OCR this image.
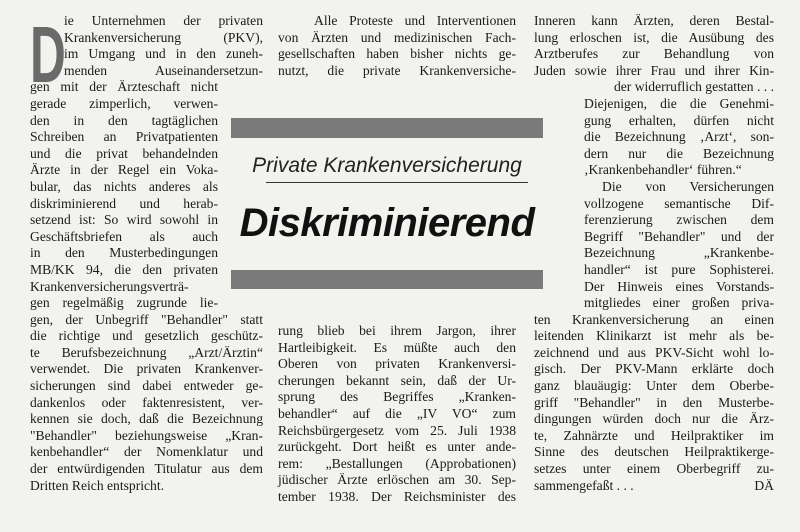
D
ie Unternehmen der privaten
Krankenversicherung (PKV),
im Umgang und in den zuneh-
menden Auseinandersetzun-
gen mit der Ärzteschaft nicht
gerade zimperlich, verwen-
den in den tagtäglichen
Schreiben an Privatpatienten
und die privat behandelnden
Ärzte in der Regel ein Voka-
bular, das nichts anderes als
diskriminierend und herab-
setzend ist: So wird sowohl in
Geschäftsbriefen als auch
in den Musterbedingungen
MB/KK 94, die den privaten
Krankenversicherungsverträ-
gen regelmäßig zugrunde lie-
gen, der Unbegriff "Behandler" statt
die richtige und gesetzlich geschütz-
te Berufsbezeichnung „Arzt/Ärztin“
verwendet. Die privaten Krankenver-
sicherungen sind dabei entweder ge-
dankenlos oder faktenresistent, ver-
kennen sie doch, daß die Bezeichnung
"Behandler" beziehungsweise „Kran-
kenbehandler“ der Nomenklatur und
der entwürdigenden Titulatur aus dem
Dritten Reich entspricht.
Alle Proteste und Interventionen
von Ärzten und medizinischen Fach-
gesellschaften haben bisher nichts ge-
nutzt, die private Krankenversiche-
Private Krankenversicherung
Diskriminierend
rung blieb bei ihrem Jargon, ihrer
Hartleibigkeit. Es müßte auch den
Oberen von privaten Krankenversi-
cherungen bekannt sein, daß der Ur-
sprung des Begriffes „Kranken-
behandler“ auf die „IV VO“ zum
Reichsbürgergesetz vom 25. Juli 1938
zurückgeht. Dort heißt es unter ande-
rem: „Bestallungen (Approbationen)
jüdischer Ärzte erlöschen am 30. Sep-
tember 1938. Der Reichsminister des
Inneren kann Ärzten, deren Bestal-
lung erloschen ist, die Ausübung des
Arztberufes zur Behandlung von
Juden sowie ihrer Frau und ihrer Kin-
der widerruflich gestatten . . .
Diejenigen, die die Genehmi-
gung erhalten, dürfen nicht
die Bezeichnung ‚Arzt‘, son-
dern nur die Bezeichnung
‚Krankenbehandler‘ führen.“
Die von Versicherungen
vollzogene semantische Dif-
ferenzierung zwischen dem
Begriff "Behandler" und der
Bezeichnung „Krankenbe-
handler“ ist pure Sophisterei.
Der Hinweis eines Vorstands-
mitgliedes einer großen priva-
ten Krankenversicherung an einen
leitenden Klinikarzt ist mehr als be-
zeichnend und aus PKV-Sicht wohl lo-
gisch. Der PKV-Mann erklärte doch
ganz blauäugig: Unter dem Oberbe-
griff "Behandler" in den Musterbe-
dingungen würden doch nur die Ärz-
te, Zahnärzte und Heilpraktiker im
Sinne des deutschen Heilpraktikerge-
setzes unter einem Oberbegriff zu-
sammengefaßt . . .	DÄ
